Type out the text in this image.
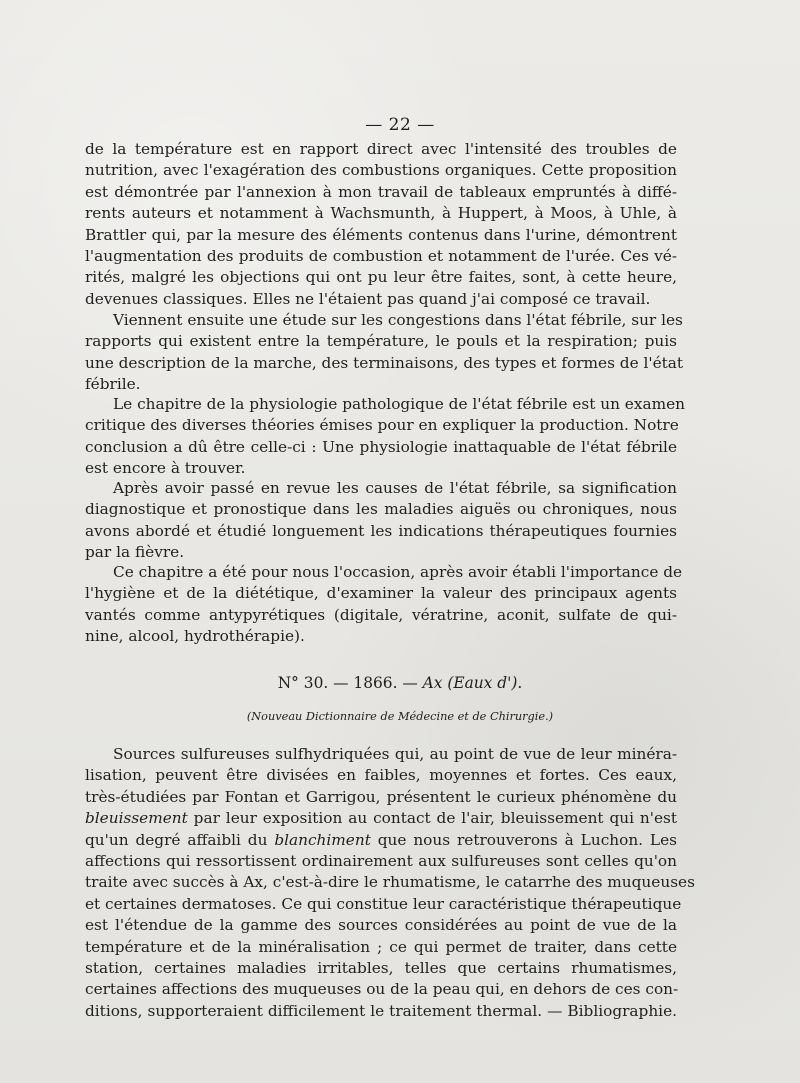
— 22 —
de la température est en rapport direct avec l'intensité des troubles de
nutrition, avec l'exagération des combustions organiques. Cette proposition
est démontrée par l'annexion à mon travail de tableaux empruntés à diffé-
rents auteurs et notamment à Wachsmunth, à Huppert, à Moos, à Uhle, à
Brattler qui, par la mesure des éléments contenus dans l'urine, démontrent
l'augmentation des produits de combustion et notamment de l'urée. Ces vé-
rités, malgré les objections qui ont pu leur être faites, sont, à cette heure,
devenues classiques. Elles ne l'étaient pas quand j'ai composé ce travail.
Viennent ensuite une étude sur les congestions dans l'état fébrile, sur les
rapports qui existent entre la température, le pouls et la respiration; puis
une description de la marche, des terminaisons, des types et formes de l'état
fébrile.
Le chapitre de la physiologie pathologique de l'état fébrile est un examen
critique des diverses théories émises pour en expliquer la production. Notre
conclusion a dû être celle-ci : Une physiologie inattaquable de l'état fébrile
est encore à trouver.
Après avoir passé en revue les causes de l'état fébrile, sa signification
diagnostique et pronostique dans les maladies aiguës ou chroniques, nous
avons abordé et étudié longuement les indications thérapeutiques fournies
par la fièvre.
Ce chapitre a été pour nous l'occasion, après avoir établi l'importance de
l'hygiène et de la diététique, d'examiner la valeur des principaux agents
vantés comme antypyrétiques (digitale, vératrine, aconit, sulfate de qui-
nine, alcool, hydrothérapie).
N° 30. — 1866. — Ax (Eaux d').
(Nouveau Dictionnaire de Médecine et de Chirurgie.)
Sources sulfureuses sulfhydriquées qui, au point de vue de leur minéra-
lisation, peuvent être divisées en faibles, moyennes et fortes. Ces eaux,
très-étudiées par Fontan et Garrigou, présentent le curieux phénomène du
bleuissement par leur exposition au contact de l'air, bleuissement qui n'est
qu'un degré affaibli du blanchiment que nous retrouverons à Luchon. Les
affections qui ressortissent ordinairement aux sulfureuses sont celles qu'on
traite avec succès à Ax, c'est-à-dire le rhumatisme, le catarrhe des muqueuses
et certaines dermatoses. Ce qui constitue leur caractéristique thérapeutique
est l'étendue de la gamme des sources considérées au point de vue de la
température et de la minéralisation ; ce qui permet de traiter, dans cette
station, certaines maladies irritables, telles que certains rhumatismes,
certaines affections des muqueuses ou de la peau qui, en dehors de ces con-
ditions, supporteraient difficilement le traitement thermal. — Bibliographie.
